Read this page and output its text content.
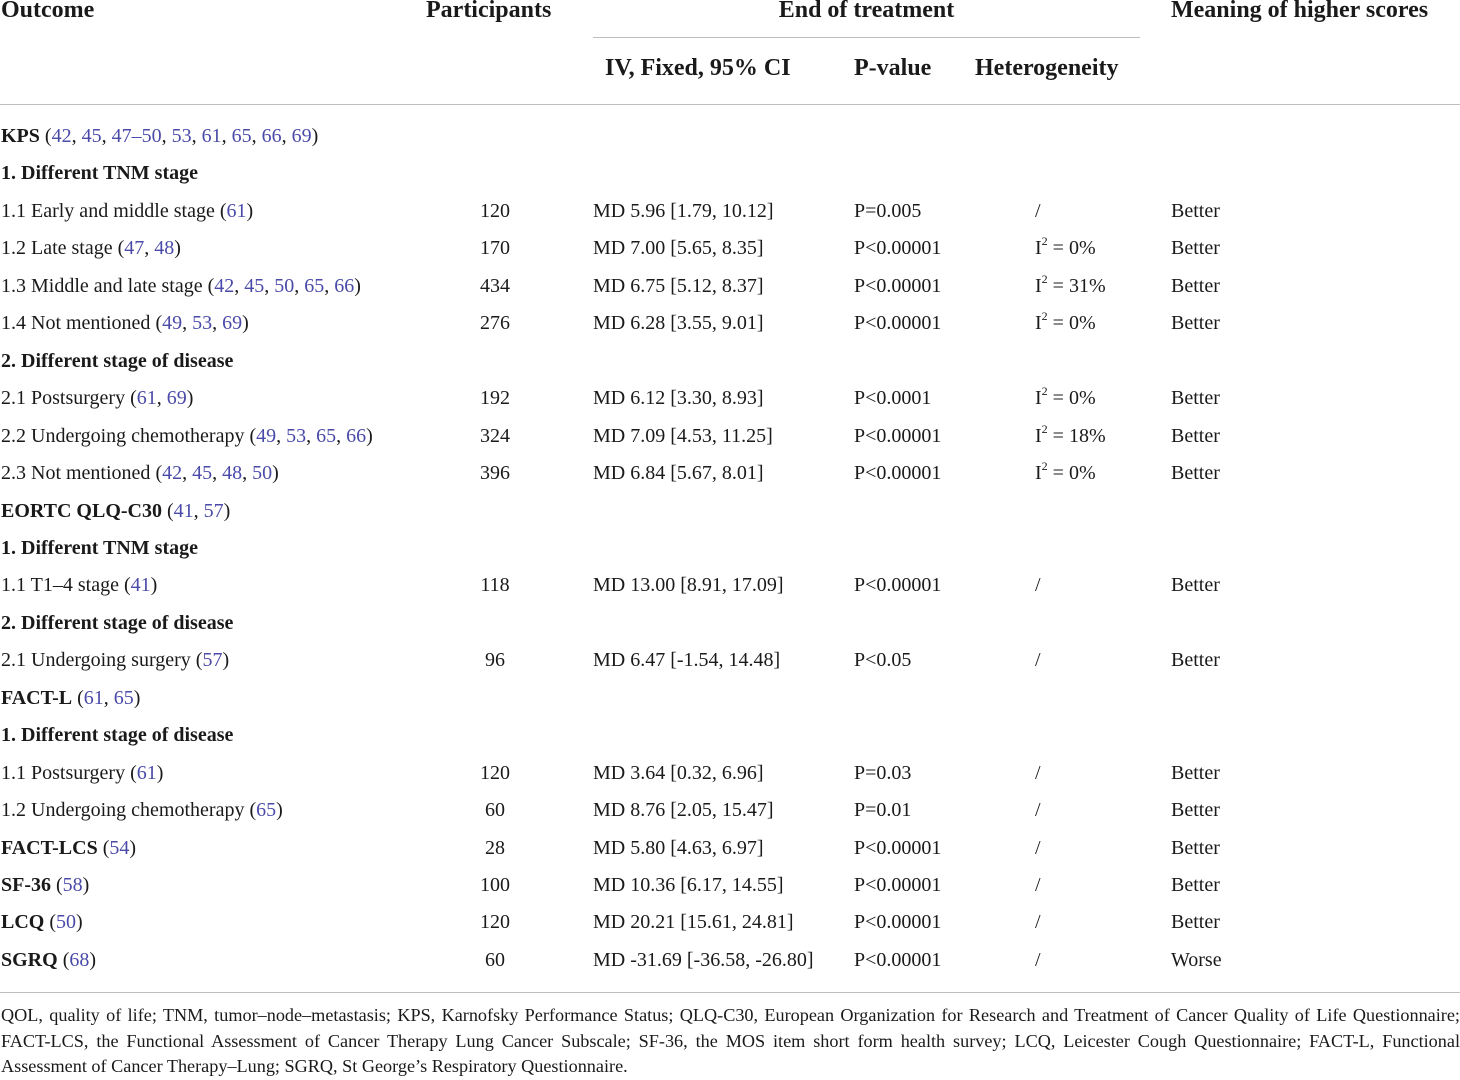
Outcome	Participants	End of treatment	Meaning of higher scores
IV, Fixed, 95% CI	P-value Heterogeneity
KPS (42, 45, 47–50, 53, 61, 65, 66, 69)
1. Different TNM stage
1.1 Early and middle stage (61)	120	MD 5.96 [1.79, 10.12]	P=0.005	/	Better
1.2 Late stage (47, 48)	170	MD 7.00 [5.65, 8.35]	P<0.00001	$I^2 = 0\%$	Better
1.3 Middle and late stage (42, 45, 50, 65, 66)	434	MD 6.75 [5.12, 8.37]	P<0.00001	$I^2 = 31\%$	Better
1.4 Not mentioned (49, 53, 69)	276	MD 6.28 [3.55, 9.01]	P<0.00001	$I^2 = 0\%$	Better
2. Different stage of disease
2.1 Postsurgery (61, 69)	192	MD 6.12 [3.30, 8.93]	P<0.0001	$I^2 = 0\%$	Better
2.2 Undergoing chemotherapy (49, 53, 65, 66)	324	MD 7.09 [4.53, 11.25]	P<0.00001	$I^2 = 18\%$	Better
2.3 Not mentioned (42, 45, 48, 50)	396	MD 6.84 [5.67, 8.01]	P<0.00001	$I^2 = 0\%$	Better
EORTC QLQ-C30 (41, 57)
1. Different TNM stage
1.1 T1–4 stage (41)	118	MD 13.00 [8.91, 17.09]	P<0.00001	/	Better
2. Different stage of disease
2.1 Undergoing surgery (57)	96	MD 6.47 [-1.54, 14.48]	P<0.05	/	Better
FACT-L (61, 65)
1. Different stage of disease
1.1 Postsurgery (61)	120	MD 3.64 [0.32, 6.96]	P=0.03	/	Better
1.2 Undergoing chemotherapy (65)	60	MD 8.76 [2.05, 15.47]	P=0.01	/	Better
FACT-LCS (54)	28	MD 5.80 [4.63, 6.97]	P<0.00001	/	Better
SF-36 (58)	100	MD 10.36 [6.17, 14.55]	P<0.00001	/	Better
LCQ (50)	120	MD 20.21 [15.61, 24.81]	P<0.00001	/	Better
SGRQ (68)	60	MD -31.69 [-36.58, -26.80] P<0.00001	/	Worse
QOL, quality of life; TNM, tumor–node–metastasis; KPS, Karnofsky Performance Status; QLQ-C30, European Organization for Research and Treatment of Cancer Quality of Life Questionnaire; FACT-LCS, the Functional Assessment of Cancer Therapy Lung Cancer Subscale; SF-36, the MOS item short form health survey; LCQ, Leicester Cough Questionnaire; FACT-L, Functional Assessment of Cancer Therapy–Lung; SGRQ, St George’s Respiratory Questionnaire.
